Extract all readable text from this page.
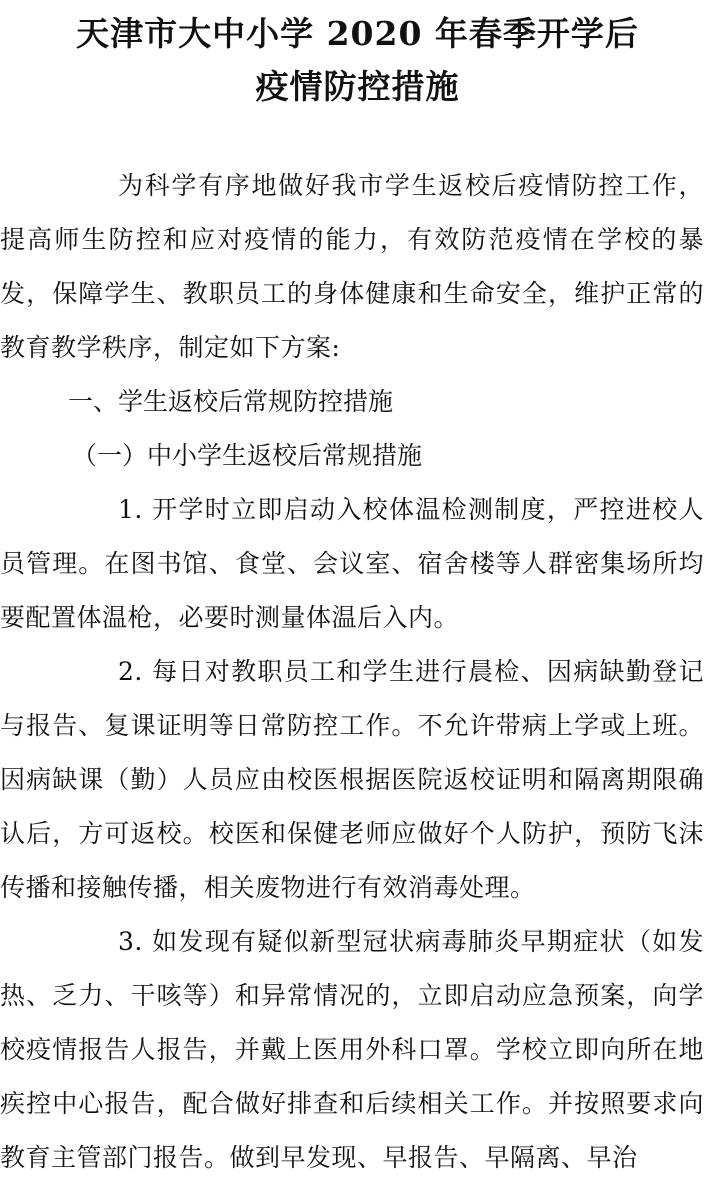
天津市大中小学 2020 年春季开学后
疫情防控措施

为科学有序地做好我市学生返校后疫情防控工作，提高师生防控和应对疫情的能力，有效防范疫情在学校的暴发，保障学生、教职员工的身体健康和生命安全，维护正常的教育教学秩序，制定如下方案:

一、学生返校后常规防控措施

（一）中小学生返校后常规措施

1. 开学时立即启动入校体温检测制度，严控进校人员管理。在图书馆、食堂、会议室、宿舍楼等人群密集场所均要配置体温枪，必要时测量体温后入内。

2. 每日对教职员工和学生进行晨检、因病缺勤登记与报告、复课证明等日常防控工作。不允许带病上学或上班。因病缺课（勤）人员应由校医根据医院返校证明和隔离期限确认后，方可返校。校医和保健老师应做好个人防护，预防飞沫传播和接触传播，相关废物进行有效消毒处理。

3. 如发现有疑似新型冠状病毒肺炎早期症状（如发热、乏力、干咳等）和异常情况的，立即启动应急预案，向学校疫情报告人报告，并戴上医用外科口罩。学校立即向所在地疾控中心报告，配合做好排查和后续相关工作。并按照要求向教育主管部门报告。做到早发现、早报告、早隔离、早治
